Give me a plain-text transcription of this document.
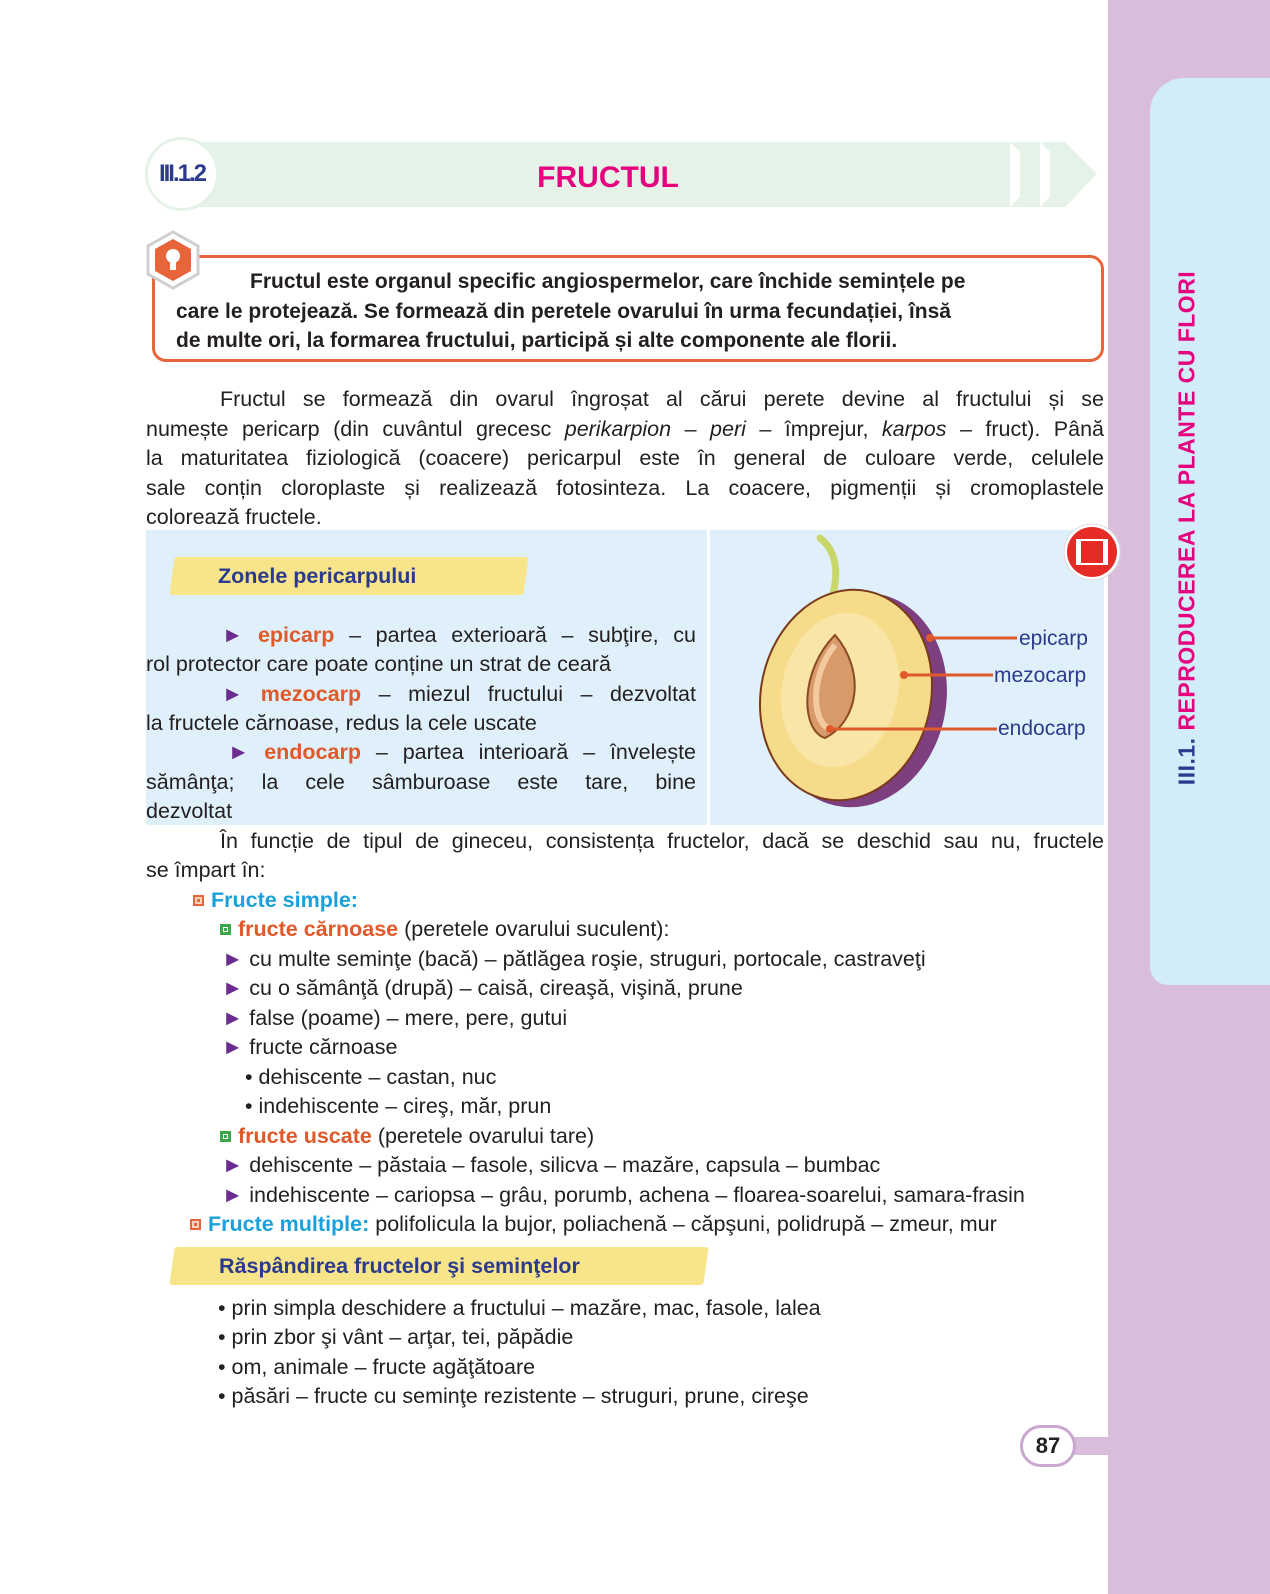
III.1. REPRODUCEREA LA PLANTE CU FLORI
III.1.2	FRUCTUL
Fructul este organul specific angiospermelor, care închide semințele pe
care le protejează. Se formează din peretele ovarului în urma fecundației, însă
de multe ori, la formarea fructului, participă și alte componente ale florii.
Zonele pericarpului
epicarp
mezocarp
endocarp
Răspândirea fructelor şi seminţelor
Fructul se formează din ovarul îngroșat al cărui perete devine al fructului și se
numește pericarp (din cuvântul grecesc perikarpion – peri – împrejur, karpos – fruct). Până
la maturitatea fiziologică (coacere) pericarpul este în general de culoare verde, celulele
sale conțin cloroplaste și realizează fotosinteza. La coacere, pigmenții și cromoplastele
colorează fructele.
► epicarp – partea exterioară – subţire, cu
rol protector care poate conține un strat de ceară
► mezocarp – miezul fructului – dezvoltat
la fructele cărnoase, redus la cele uscate
► endocarp – partea interioară – învelește
sămânţa; la cele sâmburoase este tare, bine
dezvoltat
În funcție de tipul de gineceu, consistența fructelor, dacă se deschid sau nu, fructele
se împart în:
Fructe simple:
fructe cărnoase (peretele ovarului suculent):
► cu multe seminţe (bacă) – pătlăgea roşie, struguri, portocale, castraveţi
► cu o sămânţă (drupă) – caisă, cireaşă, vişină, prune
► false (poame) – mere, pere, gutui
► fructe cărnoase
• dehiscente – castan, nuc
• indehiscente – cireş, măr, prun
fructe uscate (peretele ovarului tare)
► dehiscente – păstaia – fasole, silicva – mazăre, capsula – bumbac
► indehiscente – cariopsa – grâu, porumb, achena – floarea-soarelui, samara-frasin
Fructe multiple: polifolicula la bujor, poliachenă – căpşuni, polidrupă – zmeur, mur
• prin simpla deschidere a fructului – mazăre, mac, fasole, lalea
• prin zbor şi vânt – arţar, tei, păpădie
• om, animale – fructe agăţătoare
• păsări – fructe cu seminţe rezistente – struguri, prune, cireşe
87
